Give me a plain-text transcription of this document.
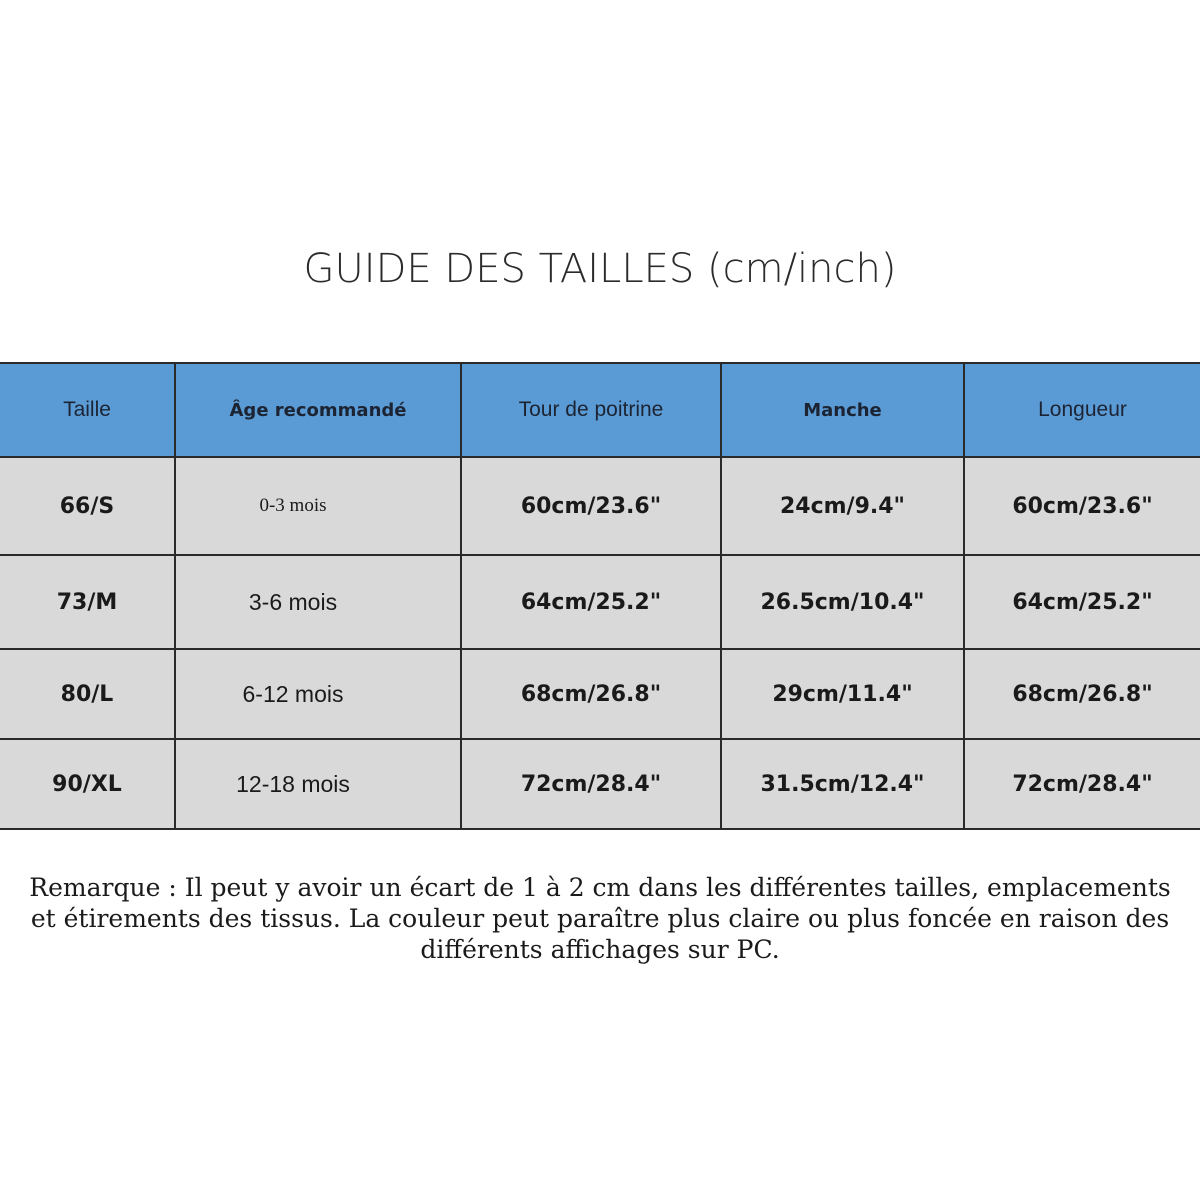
GUIDE DES TAILLES (cm/inch)
Taille	Âge recommandé	Tour de poitrine	Manche	Longueur
66/S	0-3 mois	60cm/23.6"	24cm/9.4"	60cm/23.6"
73/M	3-6 mois	64cm/25.2"	26.5cm/10.4"	64cm/25.2"
80/L	6-12 mois	68cm/26.8"	29cm/11.4"	68cm/26.8"
90/XL	12-18 mois	72cm/28.4"	31.5cm/12.4"	72cm/28.4"
Remarque : Il peut y avoir un écart de 1 à 2 cm dans les différentes tailles, emplacements et étirements des tissus. La couleur peut paraître plus claire ou plus foncée en raison des différents affichages sur PC.
